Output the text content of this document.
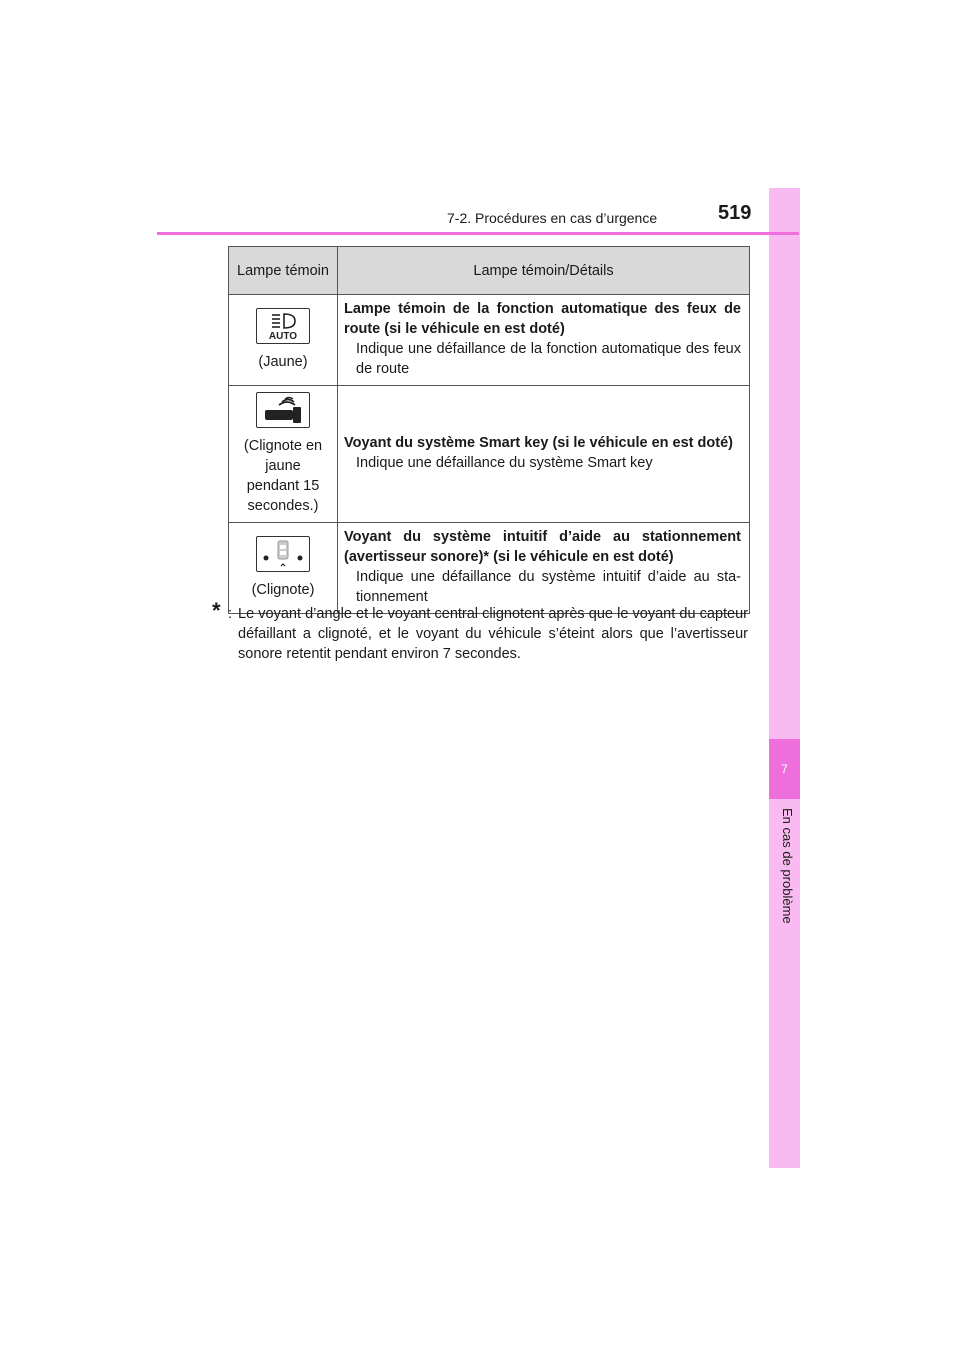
7
En cas de problème
7-2. Procédures en cas d’urgence	519
Lampe témoin	Lampe témoin/Détails

AUTO

(Jaune)	Lampe témoin de la fonction automatique des feux de route (si le véhicule en est doté)
Indique une défaillance de la fonction automatique des feux de route

(Clignote en jaune pendant 15 secondes.)	Voyant du système Smart key (si le véhicule en est doté)
Indique une défaillance du système Smart key

(Clignote)	Voyant du système intuitif d’aide au stationnement (avertisseur sonore)* (si le véhicule en est doté)
Indique une défaillance du système intuitif d’aide au sta-tionnement
* : Le voyant d’angle et le voyant central clignotent après que le voyant du capteur défaillant a clignoté, et le voyant du véhicule s’éteint alors que l’avertisseur sonore retentit pendant environ 7 secondes.
